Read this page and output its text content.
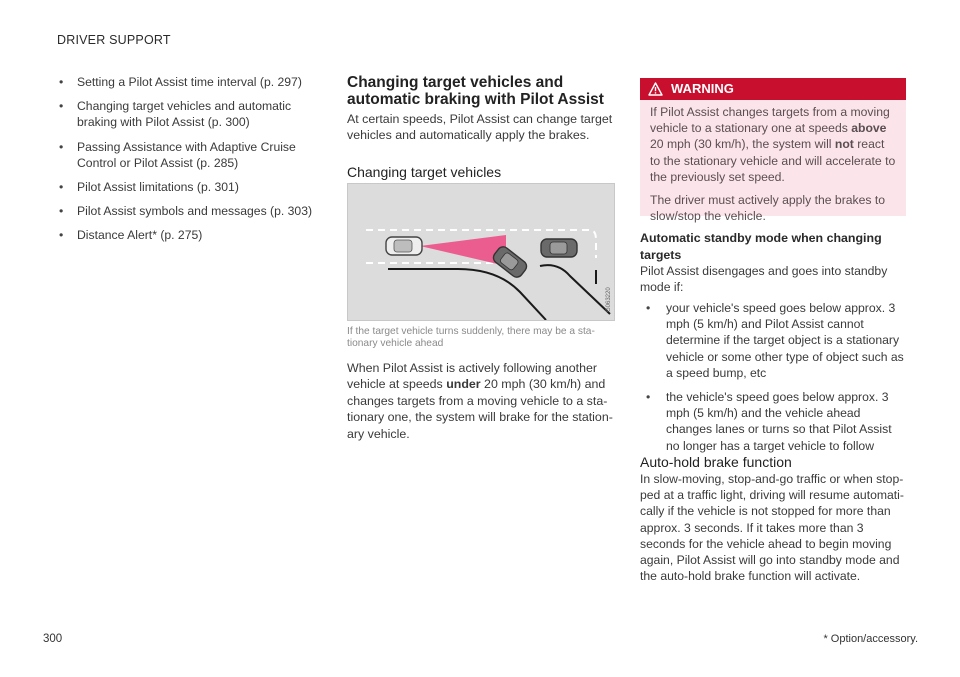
DRIVER SUPPORT
• Setting a Pilot Assist time interval (p. 297)
• Changing target vehicles and automatic braking with Pilot Assist (p. 300)
• Passing Assistance with Adaptive Cruise Control or Pilot Assist (p. 285)
• Pilot Assist limitations (p. 301)
• Pilot Assist symbols and messages (p. 303)
• Distance Alert* (p. 275)
Changing target vehicles and automatic braking with Pilot Assist

At certain speeds, Pilot Assist can change target vehicles and automatically apply the brakes.

Changing target vehicles
G063220

If the target vehicle turns suddenly, there may be a sta-tionary vehicle ahead

When Pilot Assist is actively following another vehicle at speeds under 20 mph (30 km/h) and changes targets from a moving vehicle to a sta-tionary one, the system will brake for the station-ary vehicle.

WARNING

If Pilot Assist changes targets from a moving vehicle to a stationary one at speeds above 20 mph (30 km/h), the system will not react to the stationary vehicle and will accelerate to the previously set speed.

The driver must actively apply the brakes to slow/stop the vehicle.

Automatic standby mode when changing targets

Pilot Assist disengages and goes into standby mode if:

• your vehicle's speed goes below approx. 3 mph (5 km/h) and Pilot Assist cannot determine if the target object is a stationary vehicle or some other type of object such as a speed bump, etc
• the vehicle's speed goes below approx. 3 mph (5 km/h) and the vehicle ahead changes lanes or turns so that Pilot Assist no longer has a target vehicle to follow
Auto-hold brake function

In slow-moving, stop-and-go traffic or when stop-ped at a traffic light, driving will resume automati-cally if the vehicle is not stopped for more than approx. 3 seconds. If it takes more than 3 seconds for the vehicle ahead to begin moving again, Pilot Assist will go into standby mode and the auto-hold brake function will activate.

300	* Option/accessory.
